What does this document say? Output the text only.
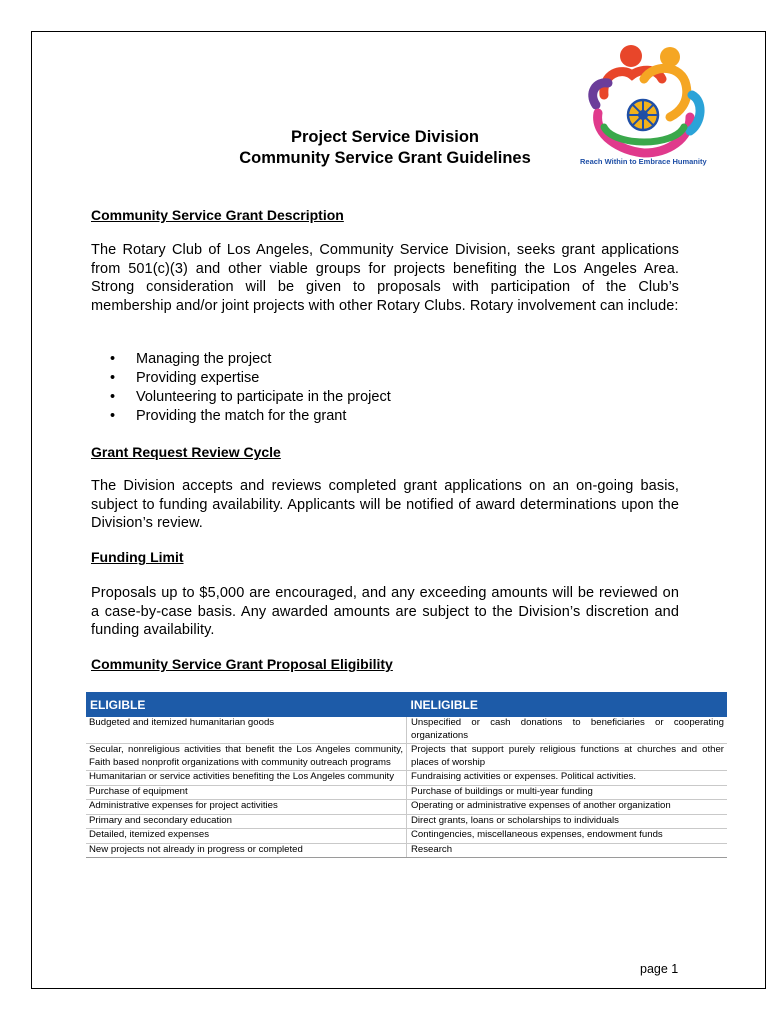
Reach Within to Embrace Humanity
Project Service Division
Community Service Grant Guidelines
Community Service Grant Description
The Rotary Club of Los Angeles, Community Service Division, seeks grant applications from 501(c)(3) and other viable groups for projects benefiting the Los Angeles Area. Strong consideration will be given to proposals with participation of the Club’s membership and/or joint projects with other Rotary Clubs. Rotary involvement can include:
• Managing the project
• Providing expertise
• Volunteering to participate in the project
• Providing the match for the grant
Grant Request Review Cycle
The Division accepts and reviews completed grant applications on an on-going basis, subject to funding availability. Applicants will be notified of award determinations upon the Division’s review.
Funding Limit
Proposals up to $5,000 are encouraged, and any exceeding amounts will be reviewed on a case-by-case basis. Any awarded amounts are subject to the Division’s discretion and funding availability.
Community Service Grant Proposal Eligibility
ELIGIBLE	INELIGIBLE
Budgeted and itemized humanitarian goods	Unspecified or cash donations to beneficiaries or cooperating organizations
Secular, nonreligious activities that benefit the Los Angeles community, Faith based nonprofit organizations with community outreach programs	Projects that support purely religious functions at churches and other places of worship
Humanitarian or service activities benefiting the Los Angeles community	Fundraising activities or expenses. Political activities.
Purchase of equipment	Purchase of buildings or multi-year funding
Administrative expenses for project activities	Operating or administrative expenses of another organization
Primary and secondary education	Direct grants, loans or scholarships to individuals
Detailed, itemized expenses	Contingencies, miscellaneous expenses, endowment funds
New projects not already in progress or completed	Research
page 1
